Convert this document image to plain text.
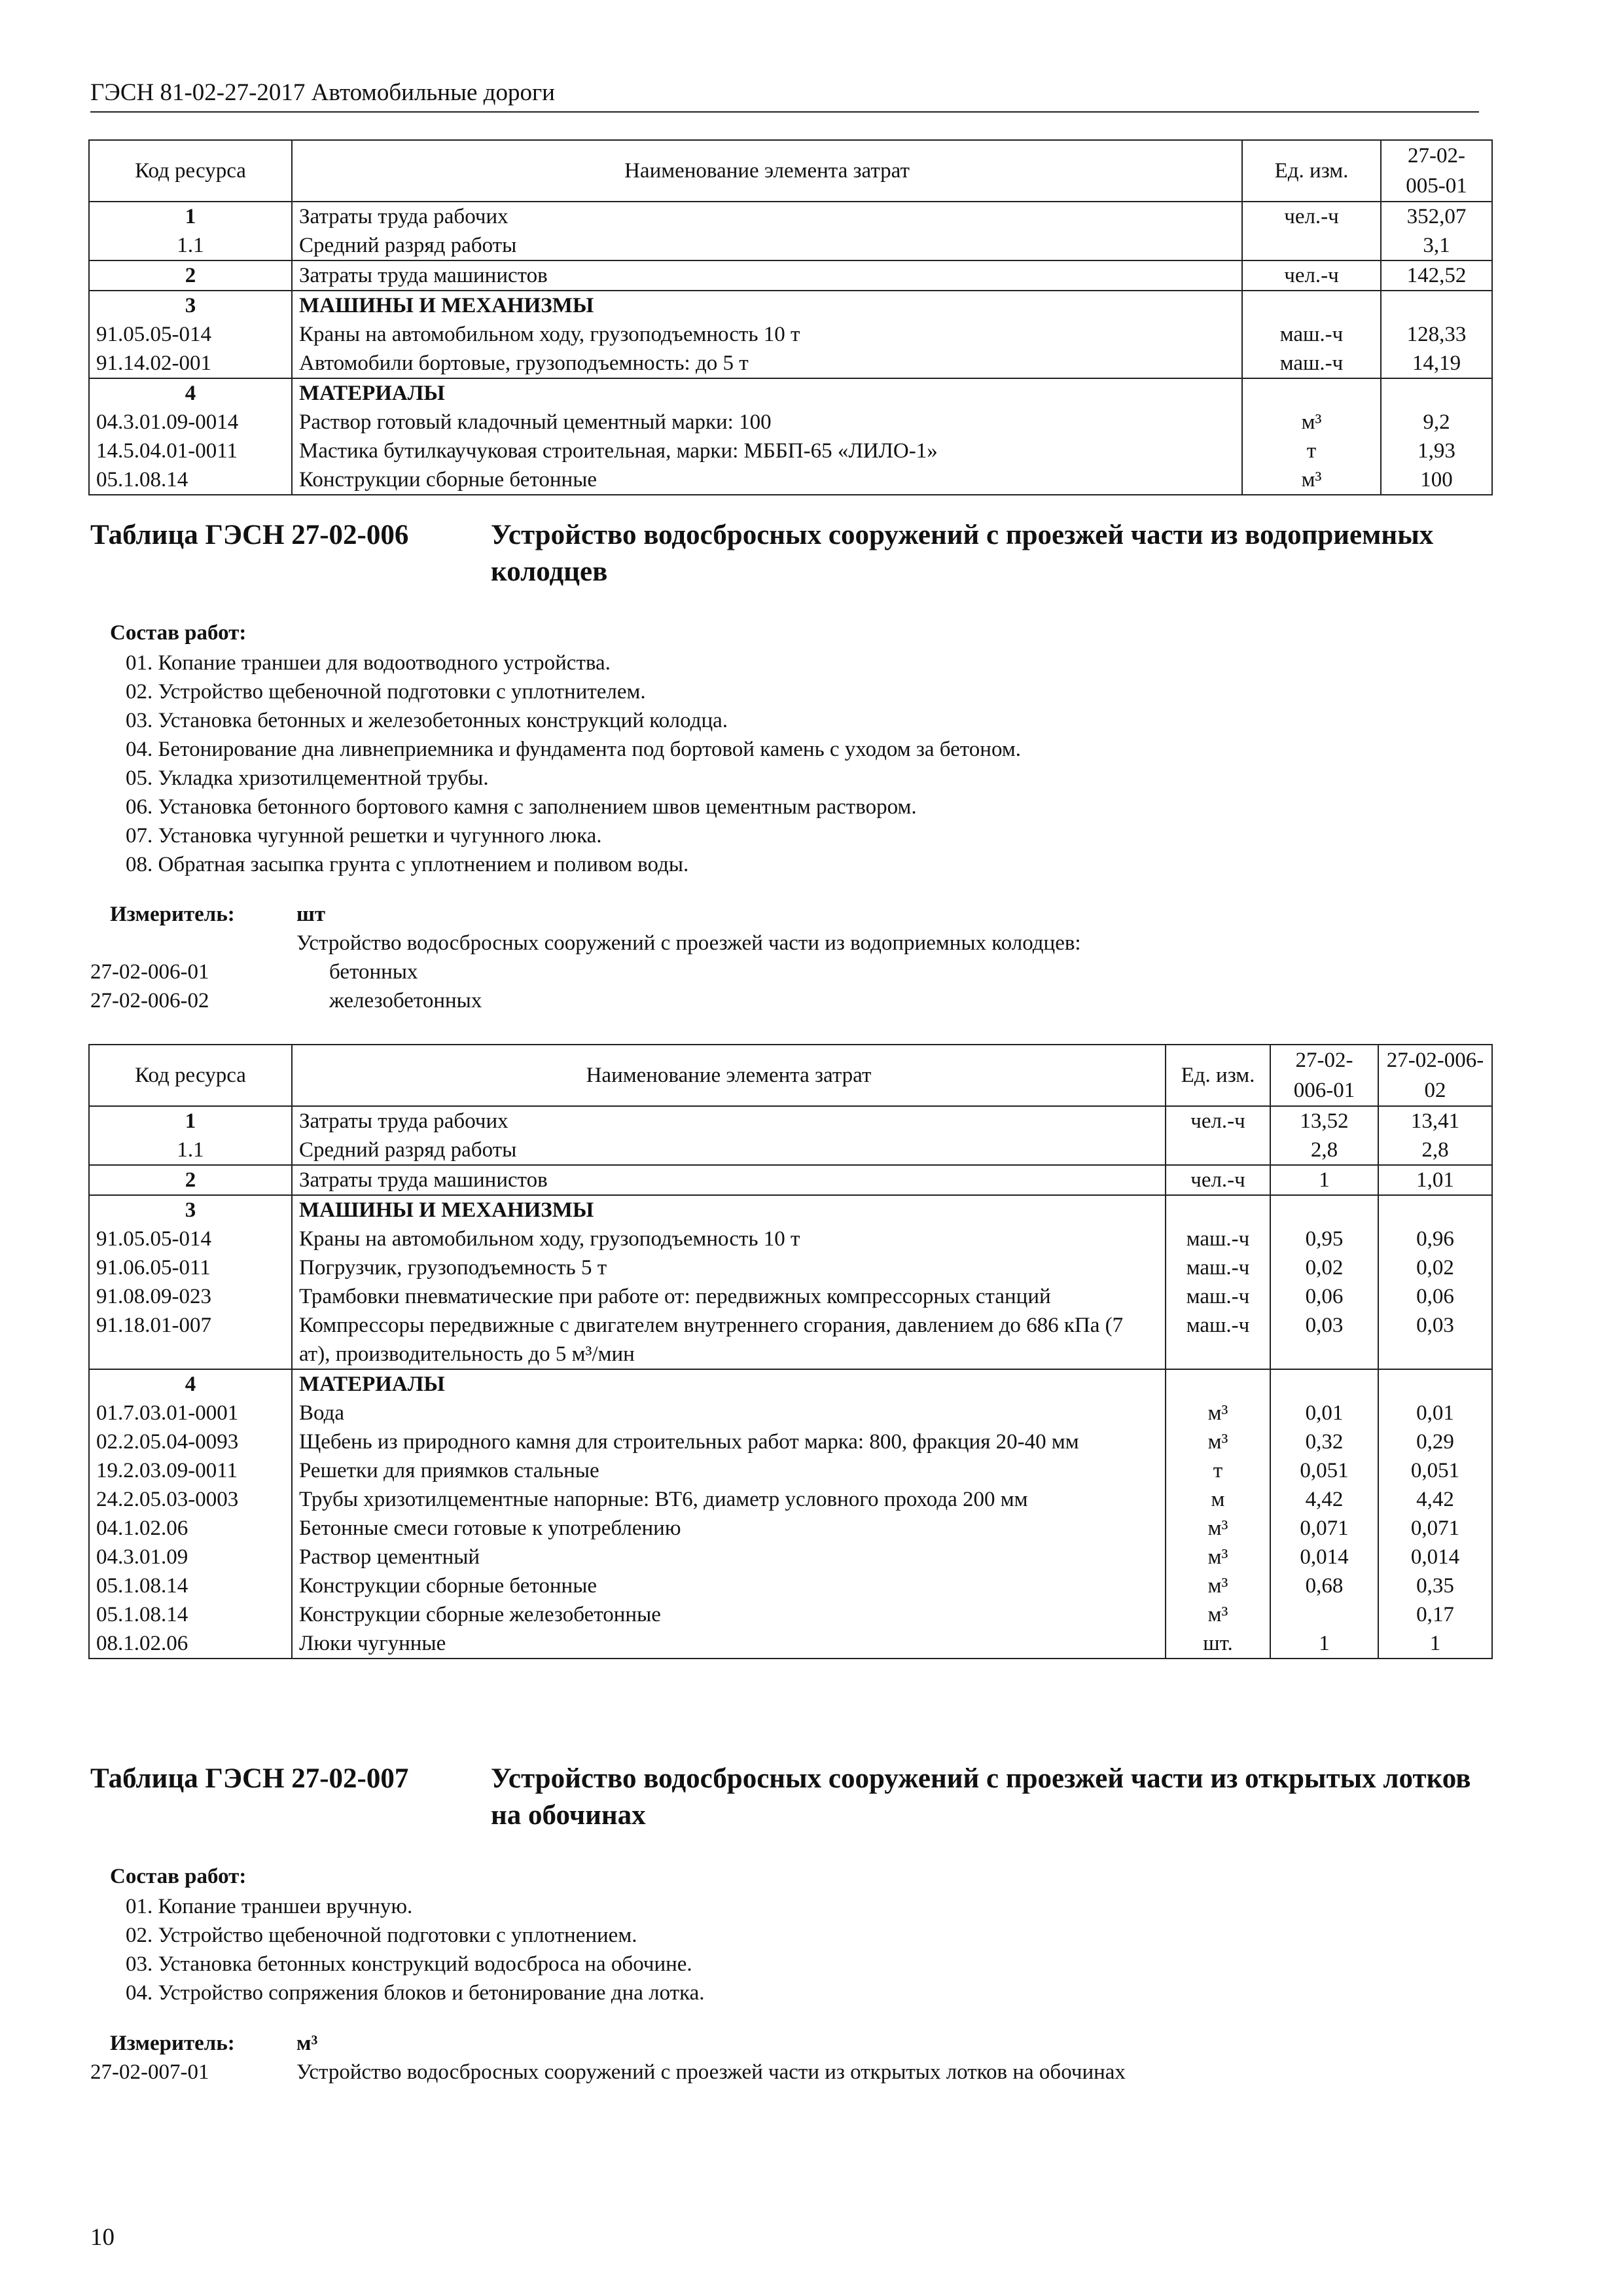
ГЭСН 81-02-27-2017 Автомобильные дороги
Код ресурса	Наименование элемента затрат	Ед. изм.	27-02-005-01
1	Затраты труда рабочих	чел.-ч	352,07
1.1	Средний разряд работы		3,1
2	Затраты труда машинистов	чел.-ч	142,52
3	МАШИНЫ И МЕХАНИЗМЫ		
91.05.05-014	Краны на автомобильном ходу, грузоподъемность 10 т	маш.-ч	128,33
91.14.02-001	Автомобили бортовые, грузоподъемность: до 5 т	маш.-ч	14,19
4	МАТЕРИАЛЫ		
04.3.01.09-0014	Раствор готовый кладочный цементный марки: 100	м³	9,2
14.5.04.01-0011	Мастика бутилкаучуковая строительная, марки: МББП-65 «ЛИЛО-1»	т	1,93
05.1.08.14	Конструкции сборные бетонные	м³	100
Таблица ГЭСН 27-02-006	Устройство водосбросных сооружений с проезжей части из водоприемных колодцев
Состав работ:
01. Копание траншеи для водоотводного устройства.
02. Устройство щебеночной подготовки с уплотнителем.
03. Установка бетонных и железобетонных конструкций колодца.
04. Бетонирование дна ливнеприемника и фундамента под бортовой камень с уходом за бетоном.
05. Укладка хризотилцементной трубы.
06. Установка бетонного бортового камня с заполнением швов цементным раствором.
07. Установка чугунной решетки и чугунного люка.
08. Обратная засыпка грунта с уплотнением и поливом воды.
Измеритель:	шт
Устройство водосбросных сооружений с проезжей части из водоприемных колодцев:
27-02-006-01	бетонных
27-02-006-02	железобетонных
Код ресурса	Наименование элемента затрат	Ед. изм.	27-02-006-01	27-02-006-02
1	Затраты труда рабочих	чел.-ч	13,52	13,41
1.1	Средний разряд работы		2,8	2,8
2	Затраты труда машинистов	чел.-ч	1	1,01
3	МАШИНЫ И МЕХАНИЗМЫ			
91.05.05-014	Краны на автомобильном ходу, грузоподъемность 10 т	маш.-ч	0,95	0,96
91.06.05-011	Погрузчик, грузоподъемность 5 т	маш.-ч	0,02	0,02
91.08.09-023	Трамбовки пневматические при работе от: передвижных компрессорных станций	маш.-ч	0,06	0,06
91.18.01-007	Компрессоры передвижные с двигателем внутреннего сгорания, давлением до 686 кПа (7 ат), производительность до 5 м³/мин	маш.-ч	0,03	0,03
4	МАТЕРИАЛЫ			
01.7.03.01-0001	Вода	м³	0,01	0,01
02.2.05.04-0093	Щебень из природного камня для строительных работ марка: 800, фракция 20-40 мм	м³	0,32	0,29
19.2.03.09-0011	Решетки для приямков стальные	т	0,051	0,051
24.2.05.03-0003	Трубы хризотилцементные напорные: ВТ6, диаметр условного прохода 200 мм	м	4,42	4,42
04.1.02.06	Бетонные смеси готовые к употреблению	м³	0,071	0,071
04.3.01.09	Раствор цементный	м³	0,014	0,014
05.1.08.14	Конструкции сборные бетонные	м³	0,68	0,35
05.1.08.14	Конструкции сборные железобетонные	м³		0,17
08.1.02.06	Люки чугунные	шт.	1	1
Таблица ГЭСН 27-02-007	Устройство водосбросных сооружений с проезжей части из открытых лотков на обочинах
Состав работ:
01. Копание траншеи вручную.
02. Устройство щебеночной подготовки с уплотнением.
03. Установка бетонных конструкций водосброса на обочине.
04. Устройство сопряжения блоков и бетонирование дна лотка.
Измеритель:	м³
27-02-007-01	Устройство водосбросных сооружений с проезжей части из открытых лотков на обочинах
10
